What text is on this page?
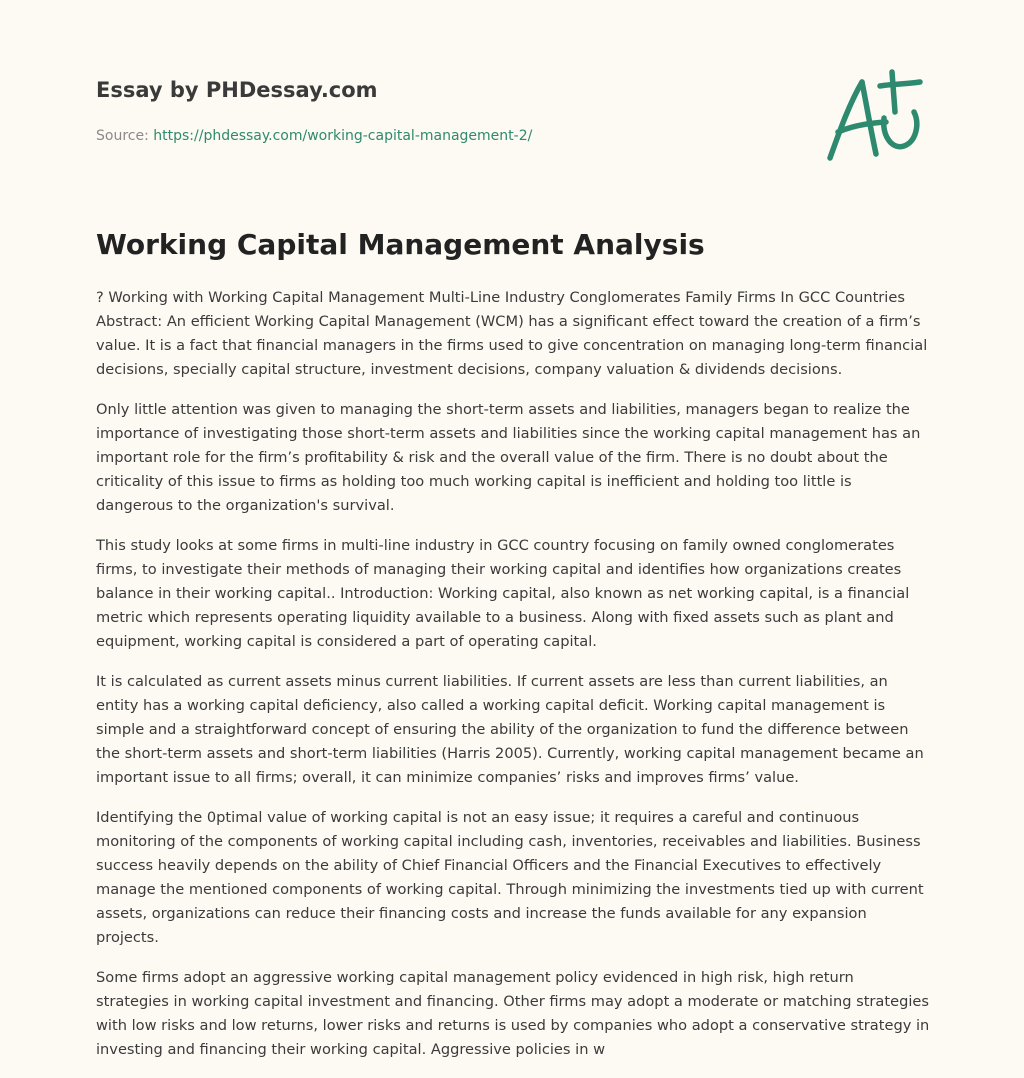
Essay by PHDessay.com
Source: https://phdessay.com/working-capital-management-2/
Working Capital Management Analysis

? Working with Working Capital Management Multi-Line Industry Conglomerates Family Firms In GCC Countries Abstract: An efficient Working Capital Management (WCM) has a significant effect toward the creation of a firm’s value. It is a fact that financial managers in the firms used to give concentration on managing long-term financial decisions, specially capital structure, investment decisions, company valuation & dividends decisions.

Only little attention was given to managing the short-term assets and liabilities, managers began to realize the importance of investigating those short-term assets and liabilities since the working capital management has an important role for the firm’s profitability & risk and the overall value of the firm. There is no doubt about the criticality of this issue to firms as holding too much working capital is inefficient and holding too little is dangerous to the organization's survival.

This study looks at some firms in multi-line industry in GCC country focusing on family owned conglomerates firms, to investigate their methods of managing their working capital and identifies how organizations creates balance in their working capital.. Introduction: Working capital, also known as net working capital, is a financial metric which represents operating liquidity available to a business. Along with fixed assets such as plant and equipment, working capital is considered a part of operating capital.

It is calculated as current assets minus current liabilities. If current assets are less than current liabilities, an entity has a working capital deficiency, also called a working capital deficit. Working capital management is simple and a straightforward concept of ensuring the ability of the organization to fund the difference between the short-term assets and short-term liabilities (Harris 2005). Currently, working capital management became an important issue to all firms; overall, it can minimize companies’ risks and improves firms’ value.

Identifying the 0ptimal value of working capital is not an easy issue; it requires a careful and continuous monitoring of the components of working capital including cash, inventories, receivables and liabilities. Business success heavily depends on the ability of Chief Financial Officers and the Financial Executives to effectively manage the mentioned components of working capital. Through minimizing the investments tied up with current assets, organizations can reduce their financing costs and increase the funds available for any expansion projects.

Some firms adopt an aggressive working capital management policy evidenced in high risk, high return strategies in working capital investment and financing. Other firms may adopt a moderate or matching strategies with low risks and low returns, lower risks and returns is used by companies who adopt a conservative strategy in investing and financing their working capital. Aggressive policies in w
